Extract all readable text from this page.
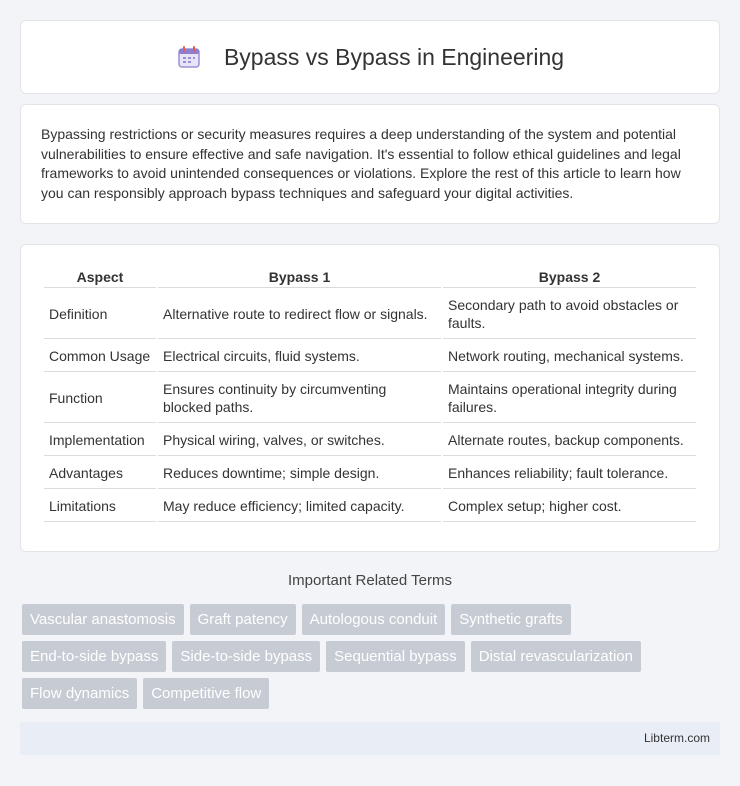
Bypass vs Bypass in Engineering

Bypassing restrictions or security measures requires a deep understanding of the system and potential vulnerabilities to ensure effective and safe navigation. It's essential to follow ethical guidelines and legal frameworks to avoid unintended consequences or violations. Explore the rest of this article to learn how you can responsibly approach bypass techniques and safeguard your digital activities.

Aspect	Bypass 1	Bypass 2
Definition	Alternative route to redirect flow or signals.	Secondary path to avoid obstacles or faults.
Common Usage	Electrical circuits, fluid systems.	Network routing, mechanical systems.
Function	Ensures continuity by circumventing blocked paths.	Maintains operational integrity during failures.
Implementation	Physical wiring, valves, or switches.	Alternate routes, backup components.
Advantages	Reduces downtime; simple design.	Enhances reliability; fault tolerance.
Limitations	May reduce efficiency; limited capacity.	Complex setup; higher cost.
Important Related Terms
Vascular anastomosis	Graft patency	Autologous conduit	Synthetic grafts
End-to-side bypass	Side-to-side bypass	Sequential bypass	Distal revascularization
Flow dynamics	Competitive flow
Libterm.com
